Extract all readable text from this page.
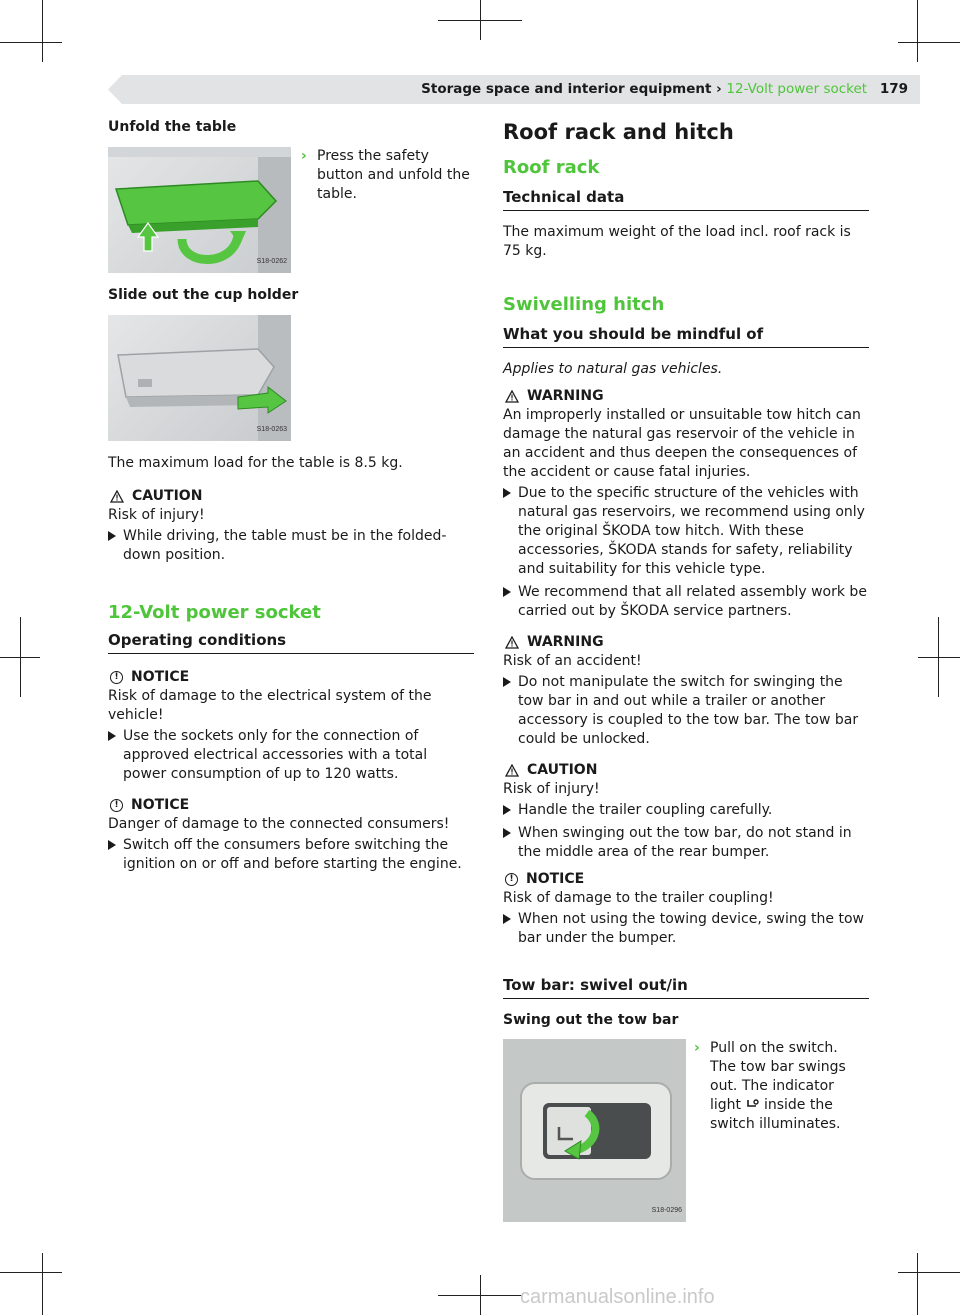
Storage space and interior equipment › 12-Volt power socket 179
Unfold the table
S18-0262
› Press the safety button and unfold the table.
Slide out the cup holder
S18-0263
The maximum load for the table is 8.5 kg.
CAUTION
Risk of injury!
While driving, the table must be in the folded-down position.
12-Volt power socket
Operating conditions
! NOTICE
Risk of damage to the electrical system of the vehicle!
Use the sockets only for the connection of approved electrical accessories with a total power consumption of up to 120 watts.
! NOTICE
Danger of damage to the connected consumers!
Switch off the consumers before switching the ignition on or off and before starting the engine.
Roof rack and hitch
Roof rack
Technical data
The maximum weight of the load incl. roof rack is 75 kg.
Swivelling hitch
What you should be mindful of
Applies to natural gas vehicles.
WARNING
An improperly installed or unsuitable tow hitch can damage the natural gas reservoir of the vehicle in an accident and thus deepen the consequences of the accident or cause fatal injuries.
Due to the specific structure of the vehicles with natural gas reservoirs, we recommend using only the original ŠKODA tow hitch. With these accessories, ŠKODA stands for safety, reliability and suitability for this vehicle type.
We recommend that all related assembly work be carried out by ŠKODA service partners.
WARNING
Risk of an accident!
Do not manipulate the switch for swinging the tow bar in and out while a trailer or another accessory is coupled to the tow bar. The tow bar could be unlocked.
CAUTION
Risk of injury!
Handle the trailer coupling carefully.
When swinging out the tow bar, do not stand in the middle area of the rear bumper.
! NOTICE
Risk of damage to the trailer coupling!
When not using the towing device, swing the tow bar under the bumper.
Tow bar: swivel out/in
Swing out the tow bar
S18-0296
› Pull on the switch. The tow bar swings out. The indicator light inside the switch illuminates.
carmanualsonline.info
